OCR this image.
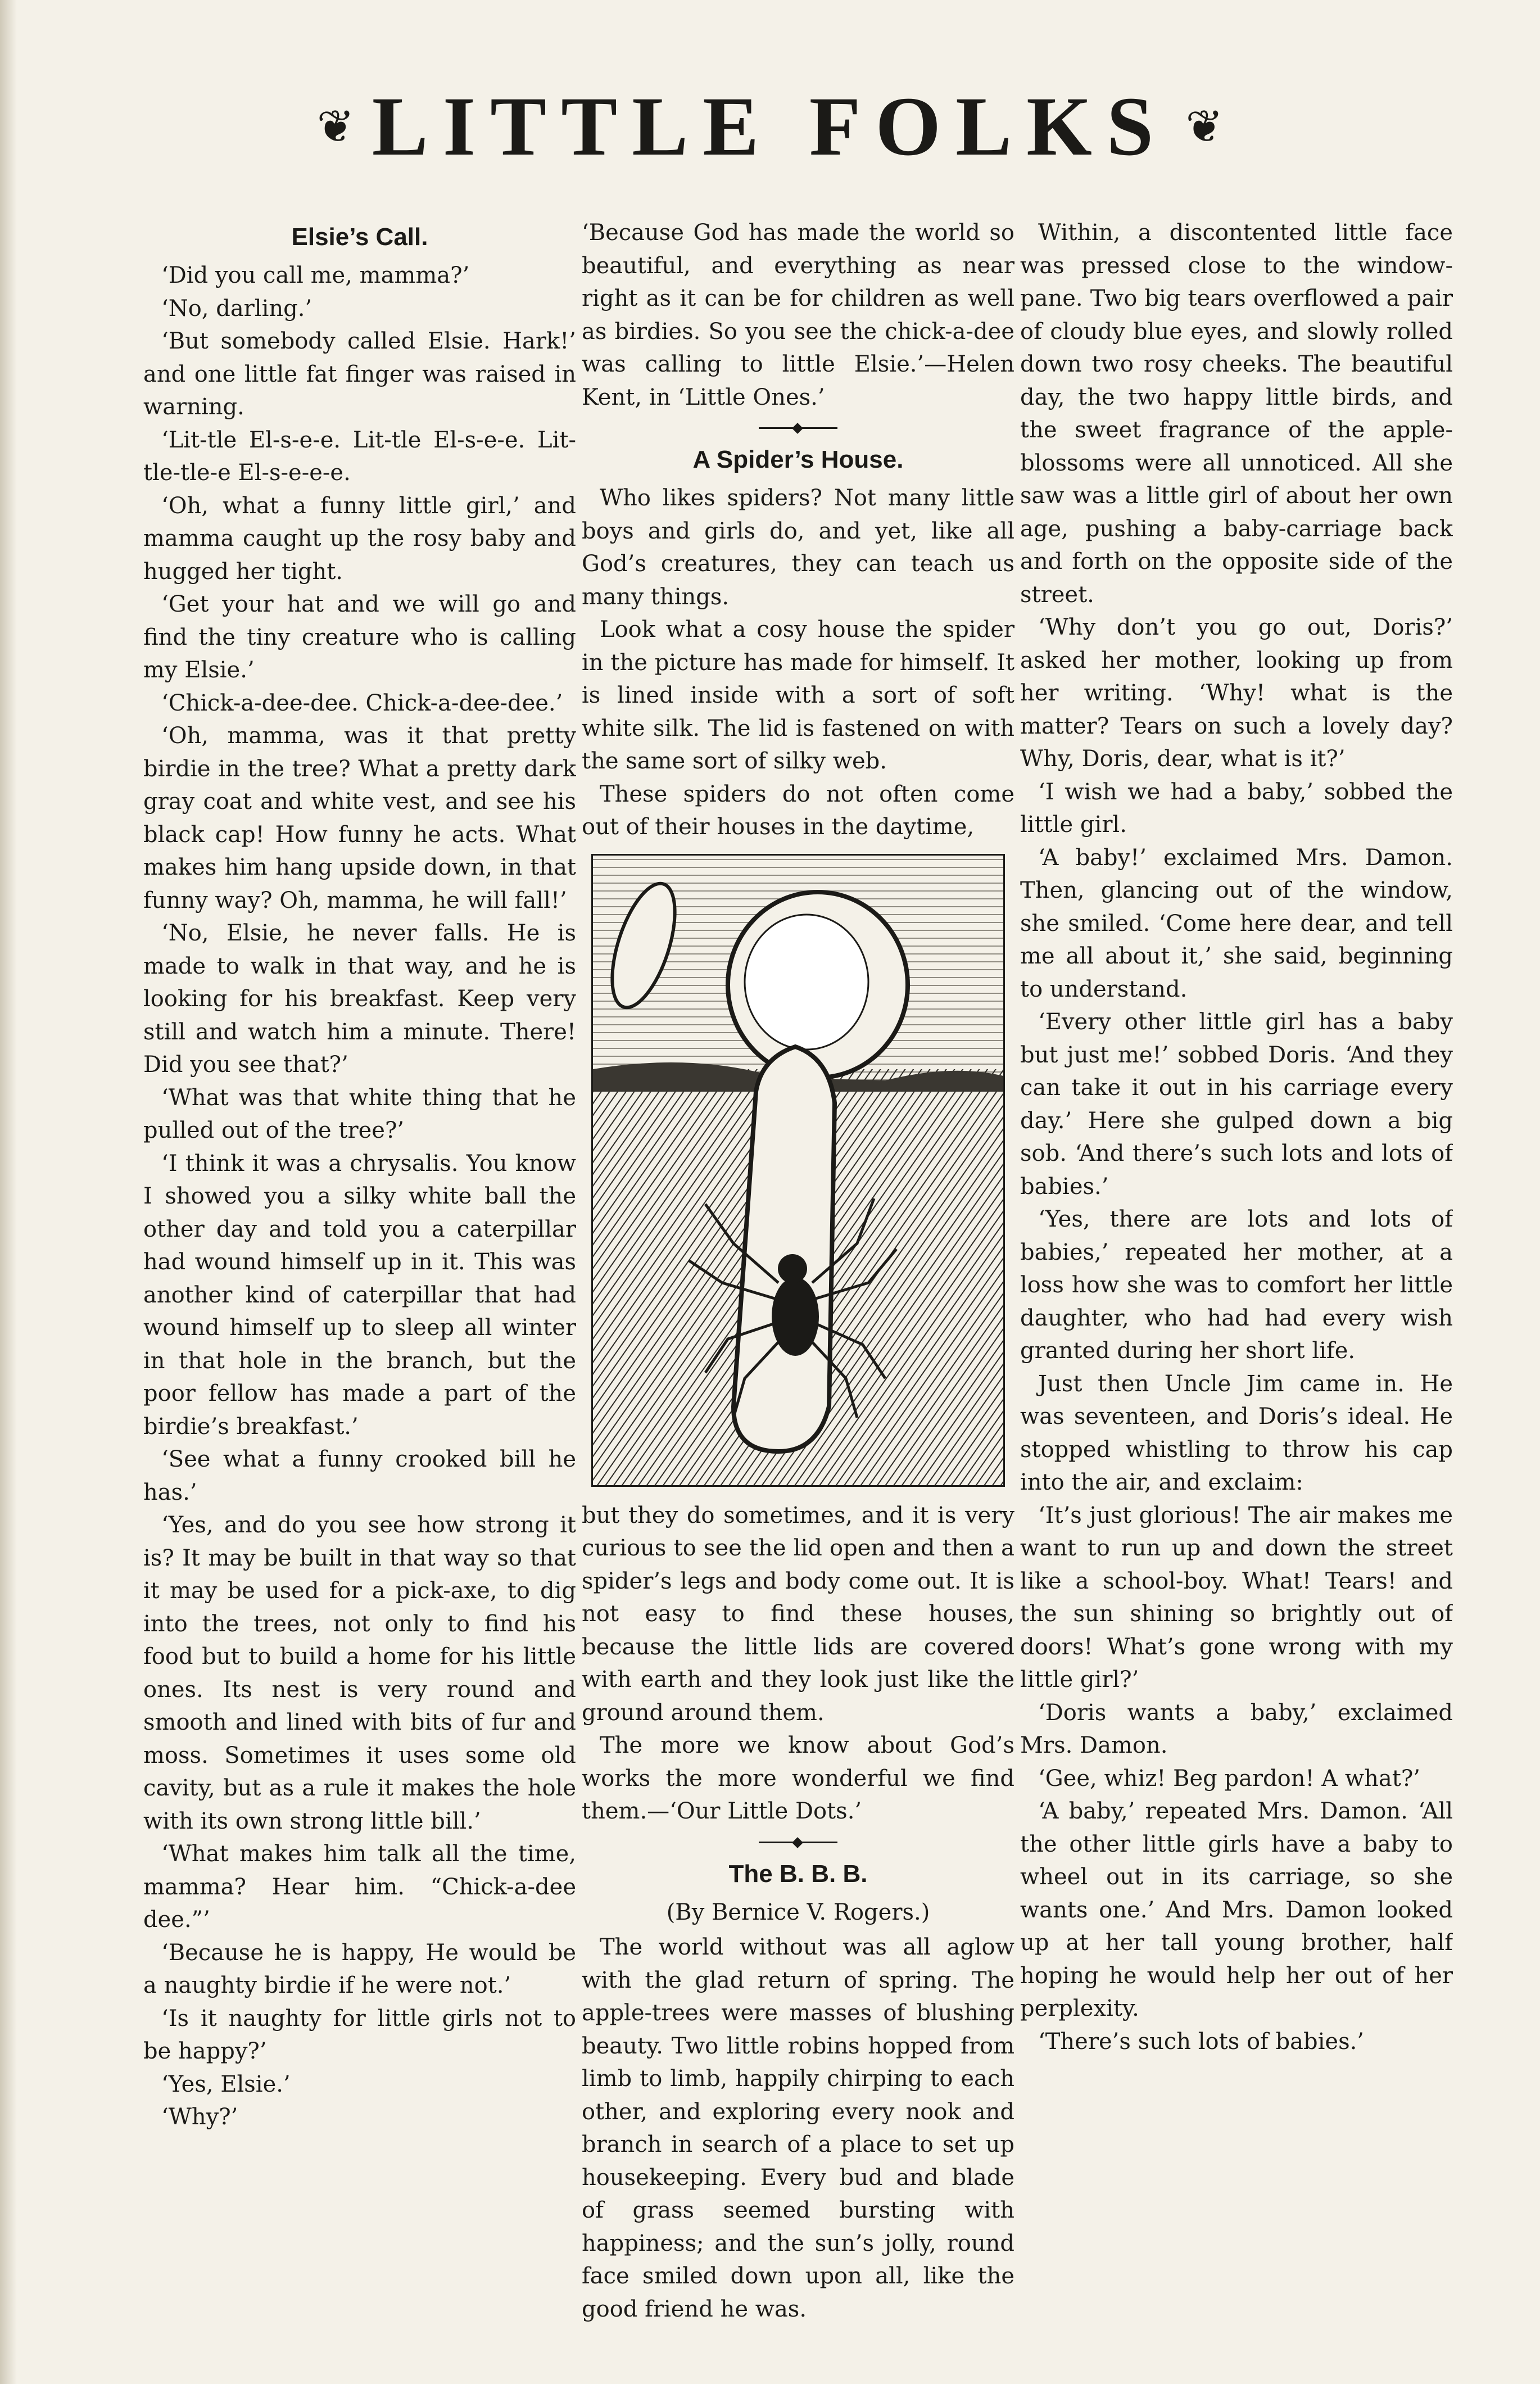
❦ LITTLE FOLKS ❦
Elsie’s Call.

‘Did you call me, mamma?’

‘No, darling.’

‘But somebody called Elsie. Hark!’ and one little fat finger was raised in warning.

‘Lit-tle El-s-e-e. Lit-tle El-s-e-e. Lit-tle-tle-e El-s-e-e-e.

‘Oh, what a funny little girl,’ and mamma caught up the rosy baby and hugged her tight.

‘Get your hat and we will go and find the tiny creature who is calling my Elsie.’

‘Chick-a-dee-dee. Chick-a-dee-dee.’

‘Oh, mamma, was it that pretty birdie in the tree? What a pretty dark gray coat and white vest, and see his black cap! How funny he acts. What makes him hang upside down, in that funny way? Oh, mamma, he will fall!’

‘No, Elsie, he never falls. He is made to walk in that way, and he is looking for his breakfast. Keep very still and watch him a minute. There! Did you see that?’

‘What was that white thing that he pulled out of the tree?’

‘I think it was a chrysalis. You know I showed you a silky white ball the other day and told you a caterpillar had wound himself up in it. This was another kind of caterpillar that had wound himself up to sleep all winter in that hole in the branch, but the poor fellow has made a part of the birdie’s breakfast.’

‘See what a funny crooked bill he has.’

‘Yes, and do you see how strong it is? It may be built in that way so that it may be used for a pick-axe, to dig into the trees, not only to find his food but to build a home for his little ones. Its nest is very round and smooth and lined with bits of fur and moss. Sometimes it uses some old cavity, but as a rule it makes the hole with its own strong little bill.’

‘What makes him talk all the time, mamma? Hear him. “Chick-a-dee dee.”’

‘Because he is happy, He would be a naughty birdie if he were not.’

‘Is it naughty for little girls not to be happy?’

‘Yes, Elsie.’

‘Why?’

‘Because God has made the world so beautiful, and everything as near right as it can be for children as well as birdies. So you see the chick-a-dee was calling to little Elsie.’—Helen Kent, in ‘Little Ones.’

A Spider’s House.

Who likes spiders? Not many little boys and girls do, and yet, like all God’s creatures, they can teach us many things.

Look what a cosy house the spider in the picture has made for himself. It is lined inside with a sort of soft white silk. The lid is fastened on with the same sort of silky web.

These spiders do not often come out of their houses in the daytime,

but they do sometimes, and it is very curious to see the lid open and then a spider’s legs and body come out. It is not easy to find these houses, because the little lids are covered with earth and they look just like the ground around them.

The more we know about God’s works the more wonderful we find them.—‘Our Little Dots.’

The B. B. B.

(By Bernice V. Rogers.)

The world without was all aglow with the glad return of spring. The apple-trees were masses of blushing beauty. Two little robins hopped from limb to limb, happily chirping to each other, and exploring every nook and branch in search of a place to set up housekeeping. Every bud and blade of grass seemed bursting with happiness; and the sun’s jolly, round face smiled down upon all, like the good friend he was.

Within, a discontented little face was pressed close to the window-pane. Two big tears overflowed a pair of cloudy blue eyes, and slowly rolled down two rosy cheeks. The beautiful day, the two happy little birds, and the sweet fragrance of the apple-blossoms were all unnoticed. All she saw was a little girl of about her own age, pushing a baby-carriage back and forth on the opposite side of the street.

‘Why don’t you go out, Doris?’ asked her mother, looking up from her writing. ‘Why! what is the matter? Tears on such a lovely day? Why, Doris, dear, what is it?’

‘I wish we had a baby,’ sobbed the little girl.

‘A baby!’ exclaimed Mrs. Damon. Then, glancing out of the window, she smiled. ‘Come here dear, and tell me all about it,’ she said, beginning to understand.

‘Every other little girl has a baby but just me!’ sobbed Doris. ‘And they can take it out in his carriage every day.’ Here she gulped down a big sob. ‘And there’s such lots and lots of babies.’

‘Yes, there are lots and lots of babies,’ repeated her mother, at a loss how she was to comfort her little daughter, who had had every wish granted during her short life.

Just then Uncle Jim came in. He was seventeen, and Doris’s ideal. He stopped whistling to throw his cap into the air, and exclaim:

‘It’s just glorious! The air makes me want to run up and down the street like a school-boy. What! Tears! and the sun shining so brightly out of doors! What’s gone wrong with my little girl?’

‘Doris wants a baby,’ exclaimed Mrs. Damon.

‘Gee, whiz! Beg pardon! A what?’

‘A baby,’ repeated Mrs. Damon. ‘All the other little girls have a baby to wheel out in its carriage, so she wants one.’ And Mrs. Damon looked up at her tall young brother, half hoping he would help her out of her perplexity.

‘There’s such lots of babies.’
